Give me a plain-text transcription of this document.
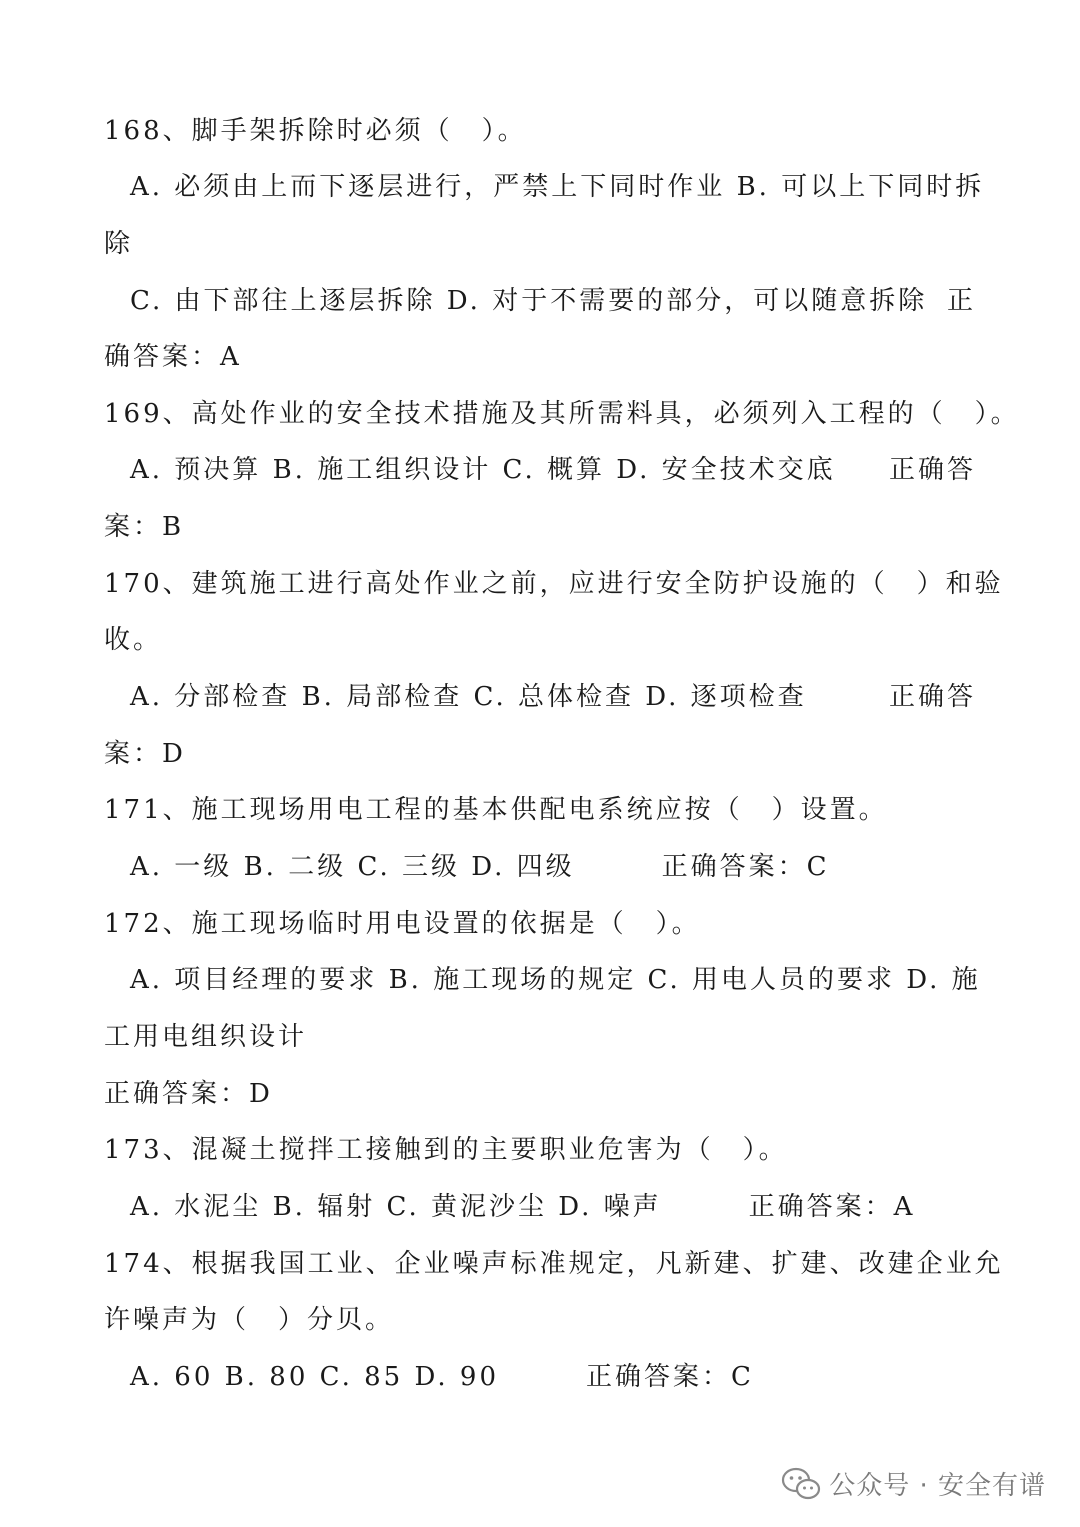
168、脚手架拆除时必须（　）。
A. 必须由上而下逐层进行，严禁上下同时作业 B. 可以上下同时拆
除
C. 由下部往上逐层拆除 D. 对于不需要的部分，可以随意拆除 正
确答案：A
169、高处作业的安全技术措施及其所需料具，必须列入工程的（　）。
A. 预决算 B. 施工组织设计 C. 概算 D. 安全技术交底 正确答
案：B
170、建筑施工进行高处作业之前，应进行安全防护设施的（　）和验
收。
A. 分部检查 B. 局部检查 C. 总体检查 D. 逐项检查	正确答
案：D
171、施工现场用电工程的基本供配电系统应按（　）设置。
A. 一级 B. 二级 C. 三级 D. 四级　　　正确答案：C
172、施工现场临时用电设置的依据是（　）。
A. 项目经理的要求 B. 施工现场的规定 C. 用电人员的要求 D. 施
工用电组织设计
正确答案：D
173、混凝土搅拌工接触到的主要职业危害为（　）。
A. 水泥尘 B. 辐射 C. 黄泥沙尘 D. 噪声　　　正确答案：A
174、根据我国工业、企业噪声标准规定，凡新建、扩建、改建企业允
许噪声为（　）分贝。
A. 60 B. 80 C. 85 D. 90　　　正确答案：C
公众号 · 安全有谱
